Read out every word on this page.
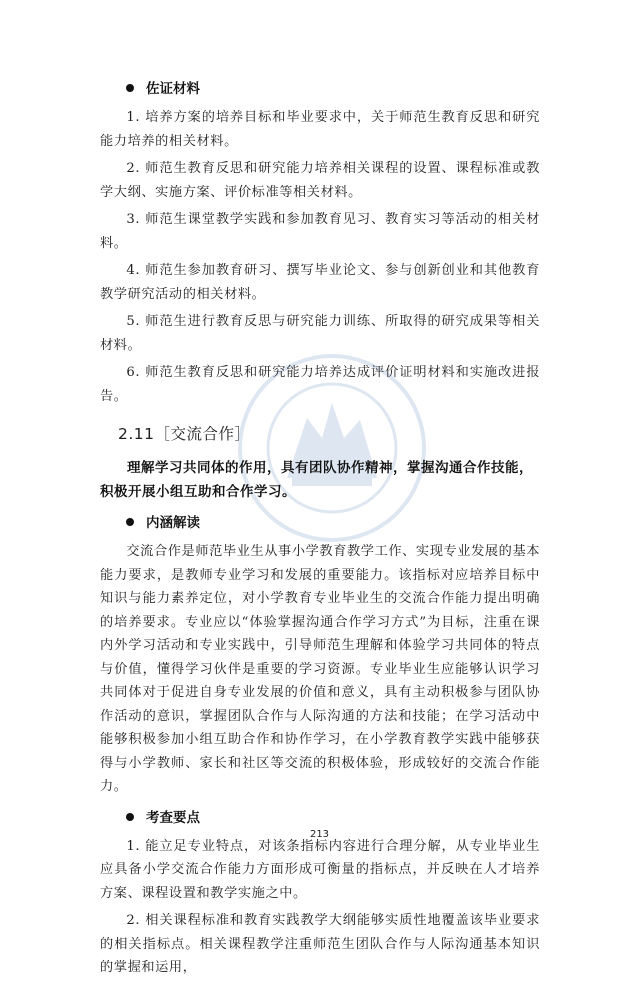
佐证材料

1. 培养方案的培养目标和毕业要求中，关于师范生教育反思和研究能力培养的相关材料。

2. 师范生教育反思和研究能力培养相关课程的设置、课程标准或教学大纲、实施方案、评价标准等相关材料。

3. 师范生课堂教学实践和参加教育见习、教育实习等活动的相关材料。

4. 师范生参加教育研习、撰写毕业论文、参与创新创业和其他教育教学研究活动的相关材料。

5. 师范生进行教育反思与研究能力训练、所取得的研究成果等相关材料。

6. 师范生教育反思和研究能力培养达成评价证明材料和实施改进报告。

2.11［交流合作］

理解学习共同体的作用，具有团队协作精神，掌握沟通合作技能，积极开展小组互助和合作学习。

内涵解读

交流合作是师范毕业生从事小学教育教学工作、实现专业发展的基本能力要求，是教师专业学习和发展的重要能力。该指标对应培养目标中知识与能力素养定位，对小学教育专业毕业生的交流合作能力提出明确的培养要求。专业应以“体验掌握沟通合作学习方式”为目标，注重在课内外学习活动和专业实践中，引导师范生理解和体验学习共同体的特点与价值，懂得学习伙伴是重要的学习资源。专业毕业生应能够认识学习共同体对于促进自身专业发展的价值和意义，具有主动积极参与团队协作活动的意识，掌握团队合作与人际沟通的方法和技能；在学习活动中能够积极参加小组互助合作和协作学习，在小学教育教学实践中能够获得与小学教师、家长和社区等交流的积极体验，形成较好的交流合作能力。

考查要点

1. 能立足专业特点，对该条指标内容进行合理分解，从专业毕业生应具备小学交流合作能力方面形成可衡量的指标点，并反映在人才培养方案、课程设置和教学实施之中。

2. 相关课程标准和教育实践教学大纲能够实质性地覆盖该毕业要求的相关指标点。相关课程教学注重师范生团队合作与人际沟通基本知识的掌握和运用，

213
